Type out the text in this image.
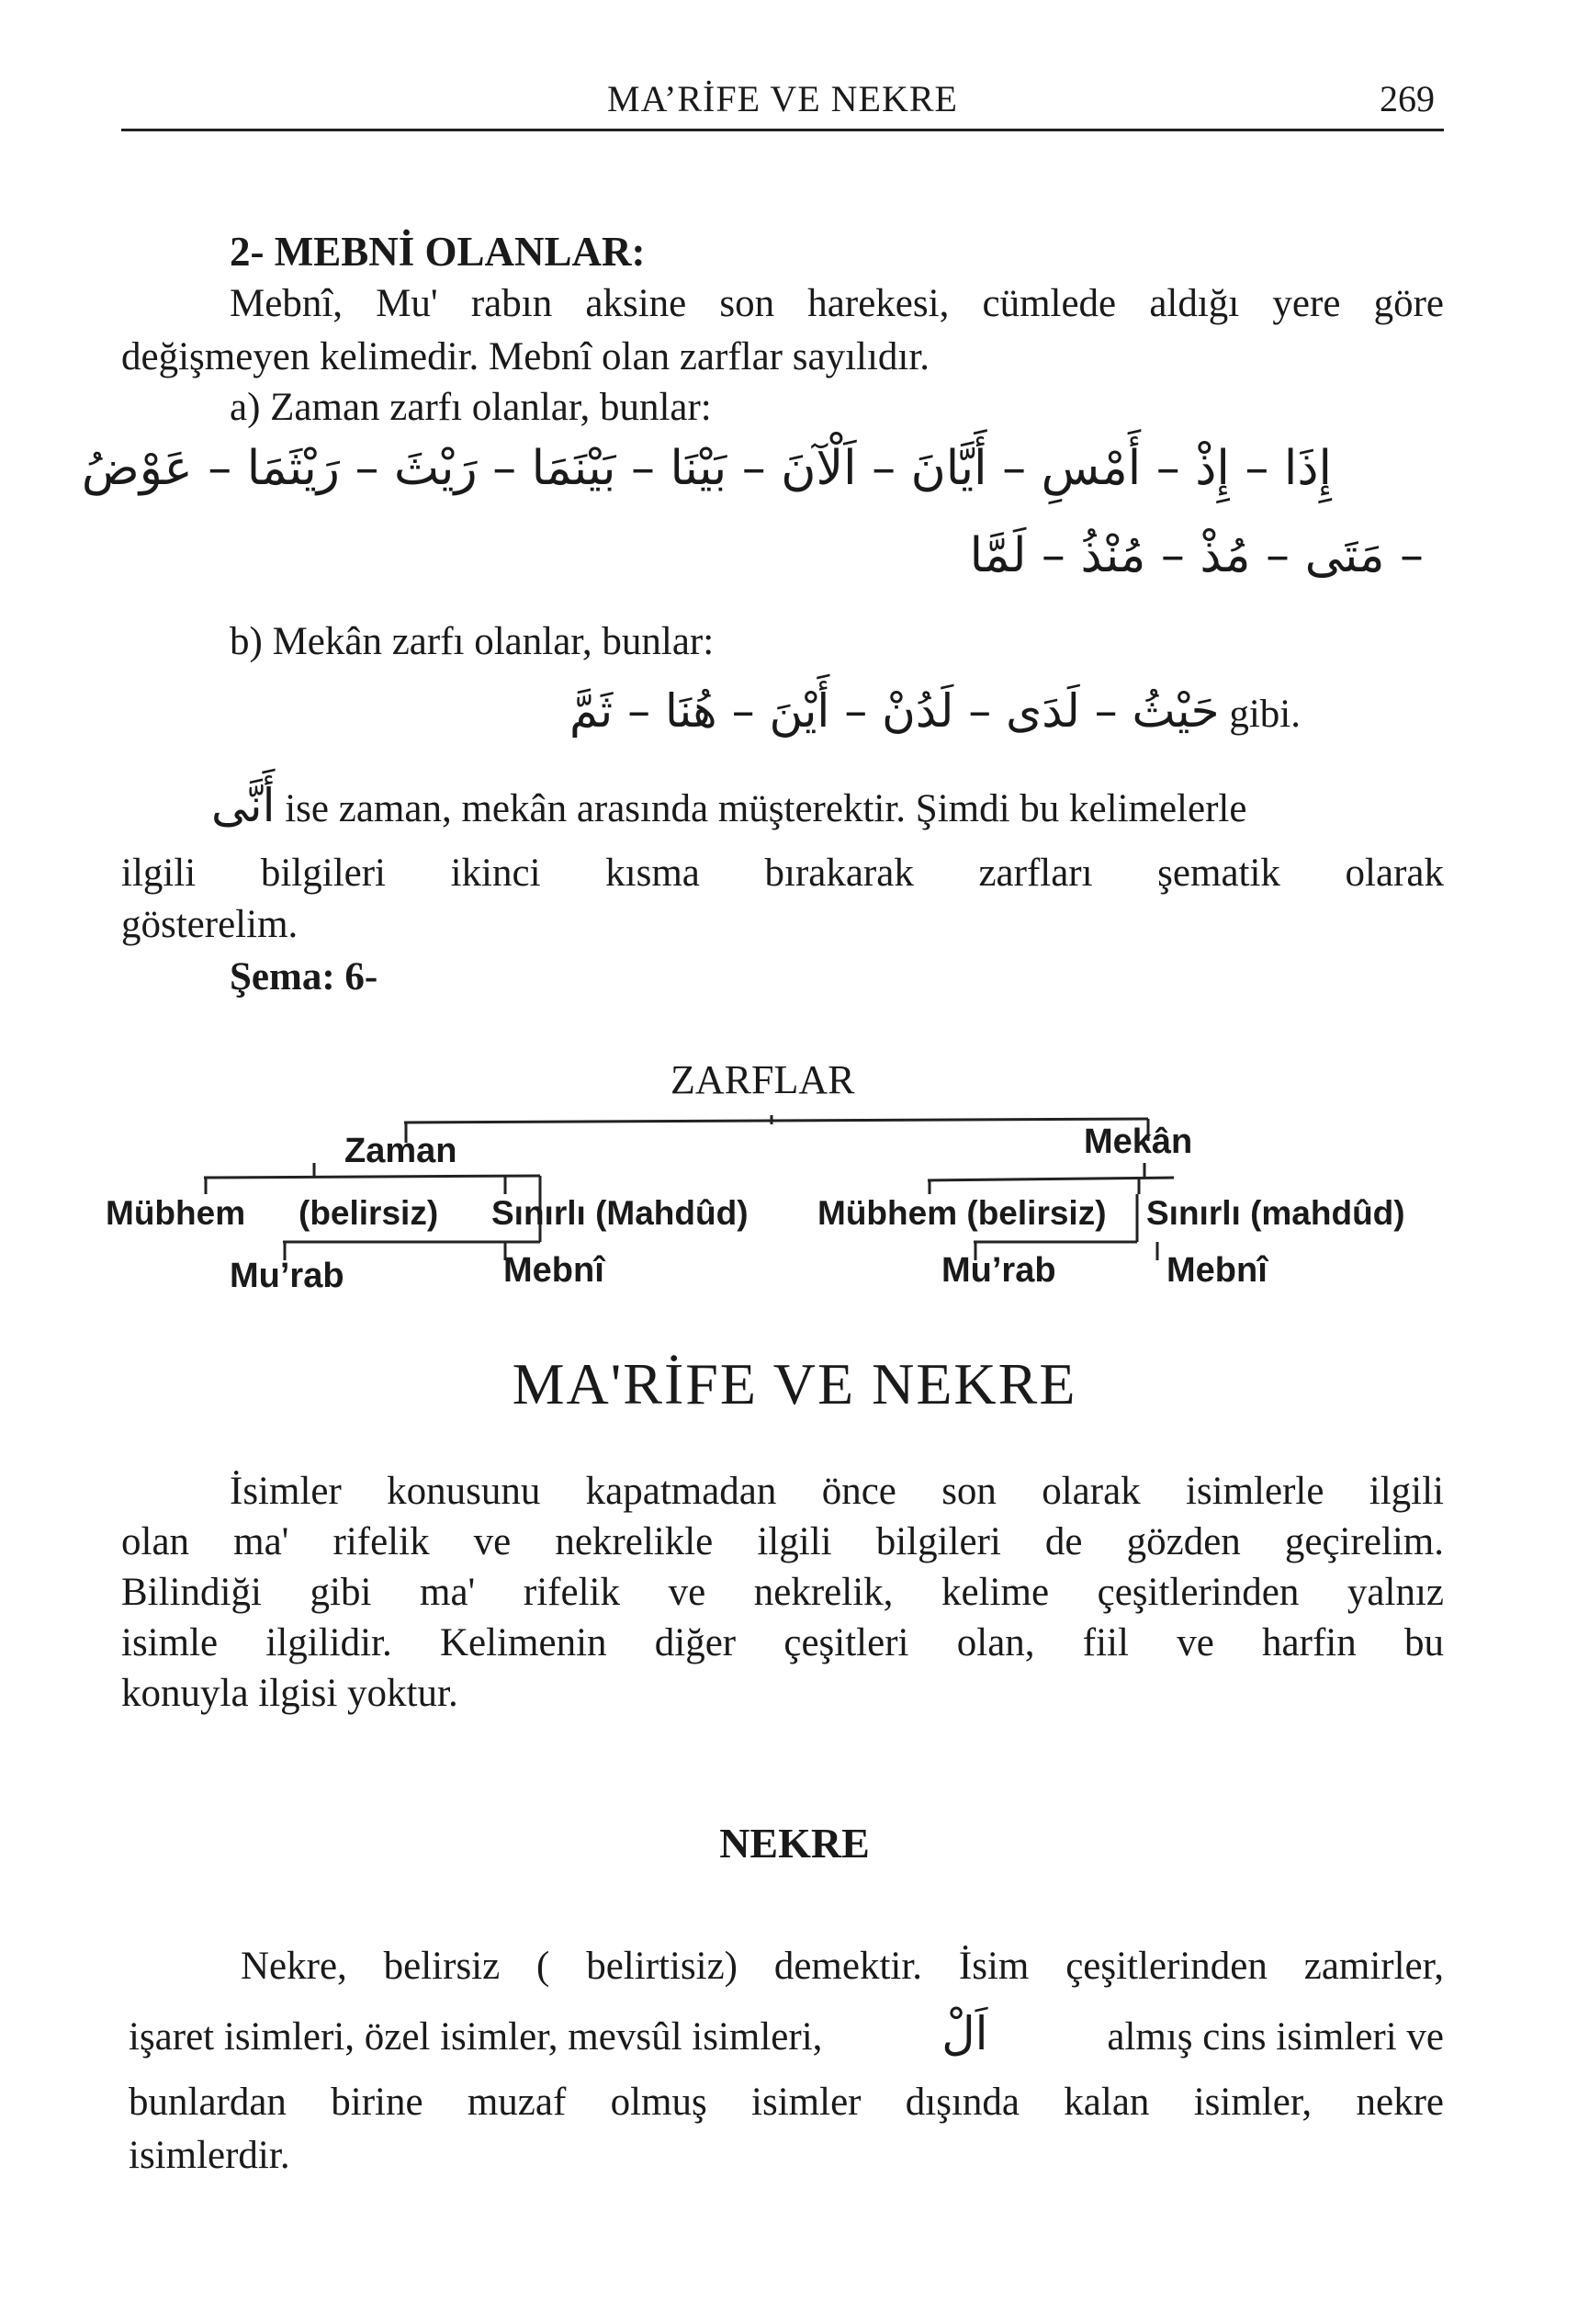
MA’RİFE VE NEKRE	269
2- MEBNİ OLANLAR:

Mebnî, Mu' rabın aksine son harekesi, cümlede aldığı yere göre

değişmeyen kelimedir. Mebnî olan zarflar sayılıdır.

a) Zaman zarfı olanlar, bunlar:

إِذَا – إِذْ – أَمْسِ – أَيَّانَ – اَلْآنَ – بَيْنَا – بَيْنَمَا – رَيْثَ – رَيْثَمَا – عَوْضُ
– مَتَى – مُذْ – مُنْذُ – لَمَّا

b) Mekân zarfı olanlar, bunlar:

حَيْثُ – لَدَى – لَدُنْ – أَيْنَ – هُنَا – ثَمَّ gibi.
أَنَّى ise zaman, mekân arasında müşterektir. Şimdi bu kelimelerle

ilgili bilgileri ikinci kısma bırakarak zarfları şematik olarak

gösterelim.

Şema: 6-

ZARFLAR
Zaman	Mekân
Mübhem (belirsiz) Sınırlı (Mahdûd) Mübhem (belirsiz) Sınırlı (mahdûd)
Mu’rab	Mebnî	Mu’rab	Mebnî
MA'RİFE VE NEKRE

İsimler konusunu kapatmadan önce son olarak isimlerle ilgili

olan ma' rifelik ve nekrelikle ilgili bilgileri de gözden geçirelim.

Bilindiği gibi ma' rifelik ve nekrelik, kelime çeşitlerinden yalnız

isimle ilgilidir. Kelimenin diğer çeşitleri olan, fiil ve harfin bu

konuyla ilgisi yoktur.

NEKRE

Nekre, belirsiz ( belirtisiz) demektir. İsim çeşitlerinden zamirler,

işaret isimleri, özel isimler, mevsûl isimleri,	اَلْ	almış cins isimleri ve

bunlardan birine muzaf olmuş isimler dışında kalan isimler, nekre

isimlerdir.
